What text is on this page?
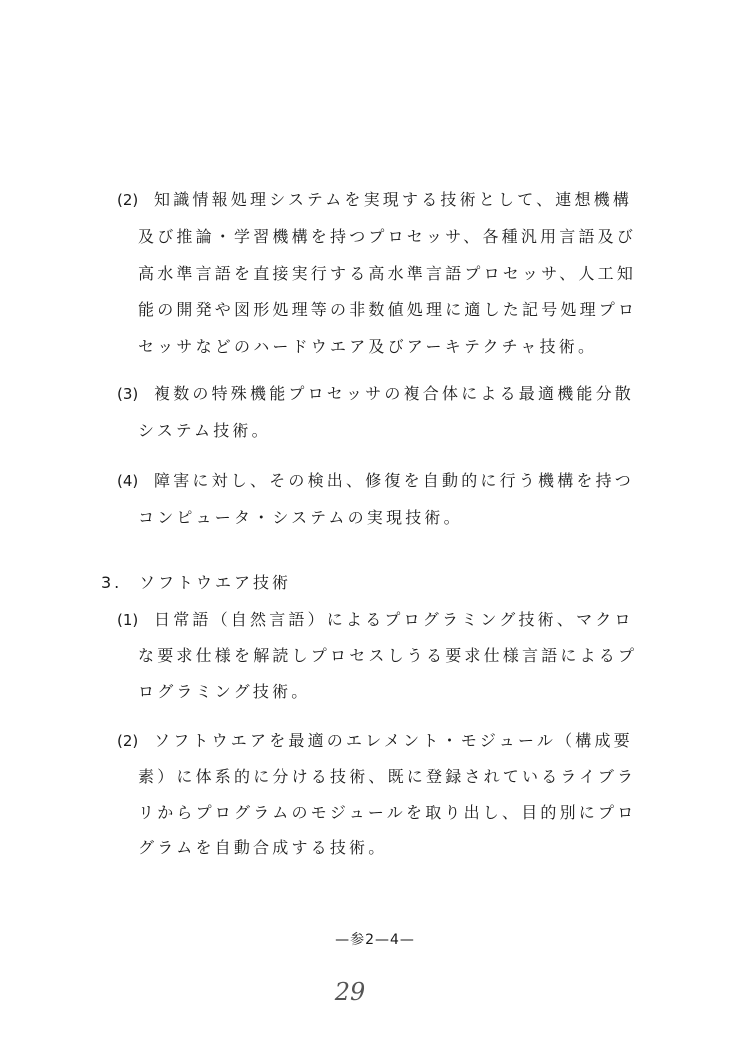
(2) 知識情報処理システムを実現する技術として、連想機構
及び推論・学習機構を持つプロセッサ、各種汎用言語及び
高水準言語を直接実行する高水準言語プロセッサ、人工知
能の開発や図形処理等の非数値処理に適した記号処理プロ
セッサなどのハードウエア及びアーキテクチャ技術。
(3) 複数の特殊機能プロセッサの複合体による最適機能分散
システム技術。
(4) 障害に対し、その検出、修復を自動的に行う機構を持つ
コンピュータ・システムの実現技術。
3. ソフトウエア技術
(1) 日常語（自然言語）によるプログラミング技術、マクロ
な要求仕様を解読しプロセスしうる要求仕様言語によるプ
ログラミング技術。
(2) ソフトウエアを最適のエレメント・モジュール（構成要
素）に体系的に分ける技術、既に登録されているライブラ
リからプログラムのモジュールを取り出し、目的別にプロ
グラムを自動合成する技術。
—参2—4—
29
